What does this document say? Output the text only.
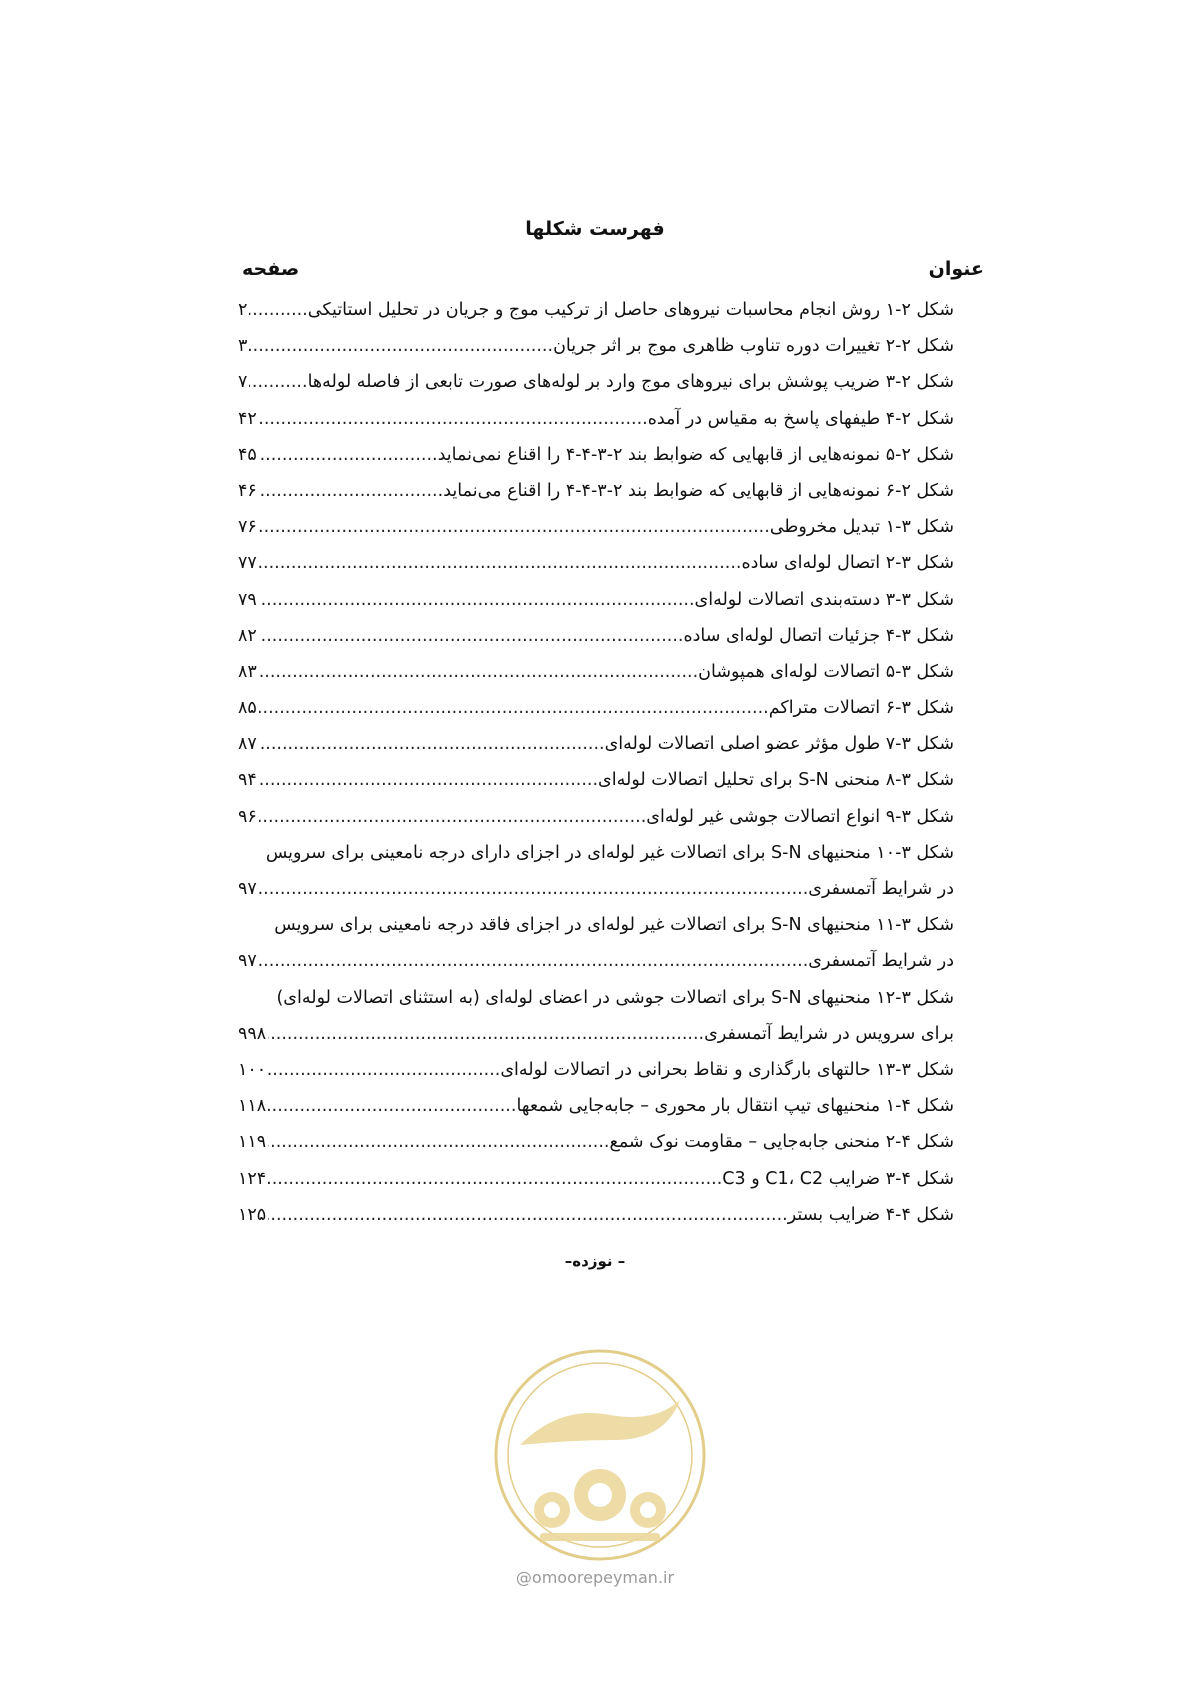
فهرست شکلها
عنوان
صفحه
شکل ۲-۱ روش انجام محاسبات نیروهای حاصل از ترکیب موج و جریان در تحلیل استاتیکی
.....
۲
شکل ۲-۲ تغییرات دوره تناوب ظاهری موج بر اثر جریان
.....
۳
شکل ۲-۳ ضریب پوشش برای نیروهای موج وارد بر لوله‌های صورت تابعی از فاصله لوله‌ها
.....
۷
شکل ۲-۴ طیفهای پاسخ به مقیاس در آمده
.....
۴۲
شکل ۲-۵ نمونه‌هایی از قابهایی که ضوابط بند ۲-۳-۴-۴ را اقناع نمی‌نماید.
.....
۴۵
شکل ۲-۶ نمونه‌هایی از قابهایی که ضوابط بند ۲-۳-۴-۴ را اقناع می‌نماید.
.....
۴۶
شکل ۳-۱ تبدیل مخروطی
.....
۷۶
شکل ۳-۲ اتصال لوله‌ای ساده
.....
۷۷
شکل ۳-۳ دسته‌بندی اتصالات لوله‌ای
.....
۷۹
شکل ۳-۴ جزئیات اتصال لوله‌ای ساده
.....
۸۲
شکل ۳-۵ اتصالات لوله‌ای همپوشان
.....
۸۳
شکل ۳-۶ اتصالات متراکم
.....
۸۵
شکل ۳-۷ طول مؤثر عضو اصلی اتصالات لوله‌ای
.....
۸۷
شکل ۳-۸ منحنی S-N برای تحلیل اتصالات لوله‌ای
.....
۹۴
شکل ۳-۹ انواع اتصالات جوشی غیر لوله‌ای
.....
۹۶
شکل ۳-۱۰ منحنیهای S-N برای اتصالات غیر لوله‌ای در اجزای دارای درجه نامعینی برای سرویس
در شرایط آتمسفری
.....
۹۷
شکل ۳-۱۱ منحنیهای S-N برای اتصالات غیر لوله‌ای در اجزای فاقد درجه نامعینی برای سرویس
در شرایط آتمسفری
.....
۹۷
شکل ۳-۱۲ منحنیهای S-N برای اتصالات جوشی در اعضای لوله‌ای (به استثنای اتصالات لوله‌ای)
برای سرویس در شرایط آتمسفری
.....
۹۹۸
شکل ۳-۱۳ حالتهای بارگذاری و نقاط بحرانی در اتصالات لوله‌ای
.....
۱۰۰
شکل ۴-۱ منحنیهای تیپ انتقال بار محوری – جابه‌جایی شمعها
.....
۱۱۸
شکل ۴-۲ منحنی جابه‌جایی – مقاومت نوک شمع
.....
۱۱۹
شکل ۴-۳ ضرایب C1، C2 و C3
.....
۱۲۴
شکل ۴-۴ ضرایب بستر
.....
۱۲۵
– نوزده–
@omoorepeyman.ir
